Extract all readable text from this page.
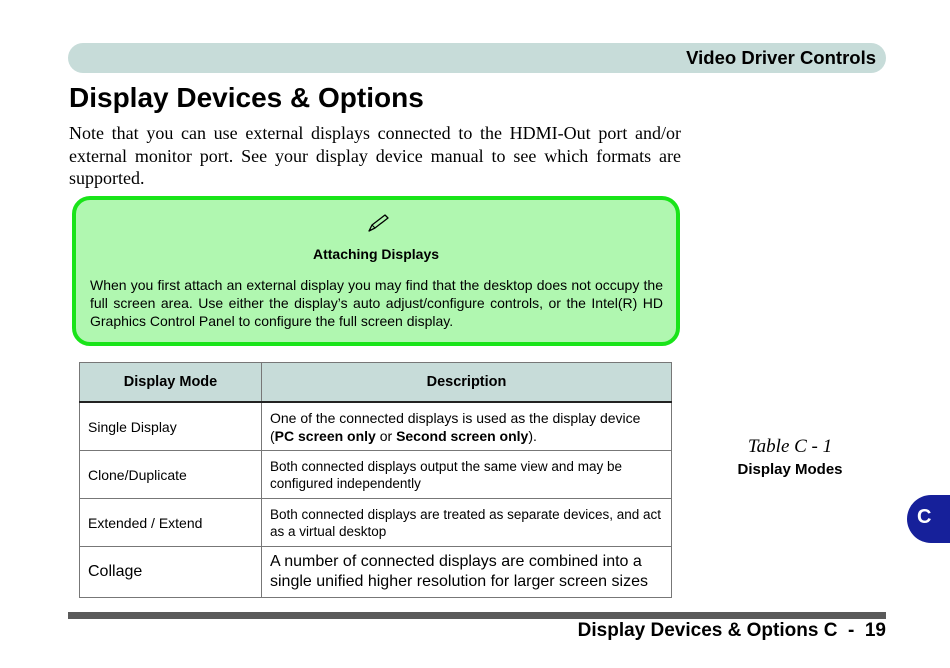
Video Driver Controls
Display Devices & Options

Note that you can use external displays connected to the HDMI-Out port and/or external monitor port. See your display device manual to see which formats are supported.

Attaching Displays

When you first attach an external display you may find that the desktop does not occupy the full screen area. Use either the display’s auto adjust/configure controls, or the Intel(R) HD Graphics Control Panel to configure the full screen display.

Display Mode	Description
Single Display	One of the connected displays is used as the display device (PC screen only or Second screen only).
Clone/Duplicate	Both connected displays output the same view and may be configured independently
Extended / Extend	Both connected displays are treated as separate devices, and act as a virtual desktop
Collage	A number of connected displays are combined into a single unified higher resolution for larger screen sizes
Table C - 1
Display Modes
C
Display Devices & Options C  -  19
